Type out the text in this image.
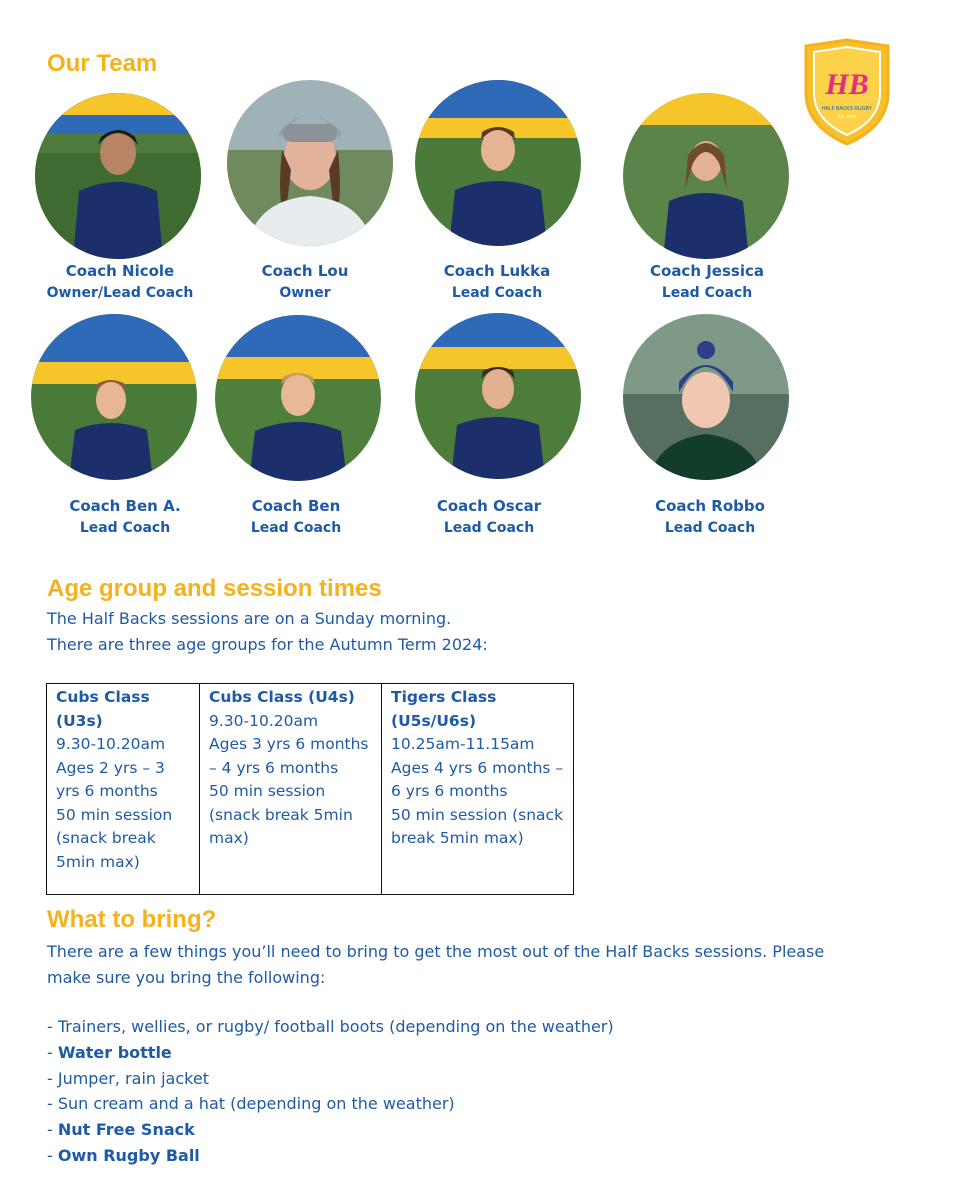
Our Team
HB
HALF BACKS RUGBY
Est. 2024
Coach Nicole
Owner/Lead Coach
Coach Lou
Owner
Coach Lukka
Lead Coach
Coach Jessica
Lead Coach
Coach Ben A.
Lead Coach
Coach Ben
Lead Coach
Coach Oscar
Lead Coach
Coach Robbo
Lead Coach
Age group and session times

The Half Backs sessions are on a Sunday morning.

There are three age groups for the Autumn Term 2024:

Cubs Class (U3s)
9.30-10.20am
Ages 2 yrs – 3 yrs 6 months
50 min session (snack break 5min max)

Cubs Class (U4s)
9.30-10.20am
Ages 3 yrs 6 months – 4 yrs 6 months
50 min session (snack break 5min max)

Tigers Class (U5s/U6s)
10.25am-11.15am
Ages 4 yrs 6 months – 6 yrs 6 months
50 min session (snack break 5min max)
What to bring?

There are a few things you’ll need to bring to get the most out of the Half Backs sessions. Please

make sure you bring the following:

- Trainers, wellies, or rugby/ football boots (depending on the weather)
- Water bottle
- Jumper, rain jacket
- Sun cream and a hat (depending on the weather)
- Nut Free Snack
- Own Rugby Ball
